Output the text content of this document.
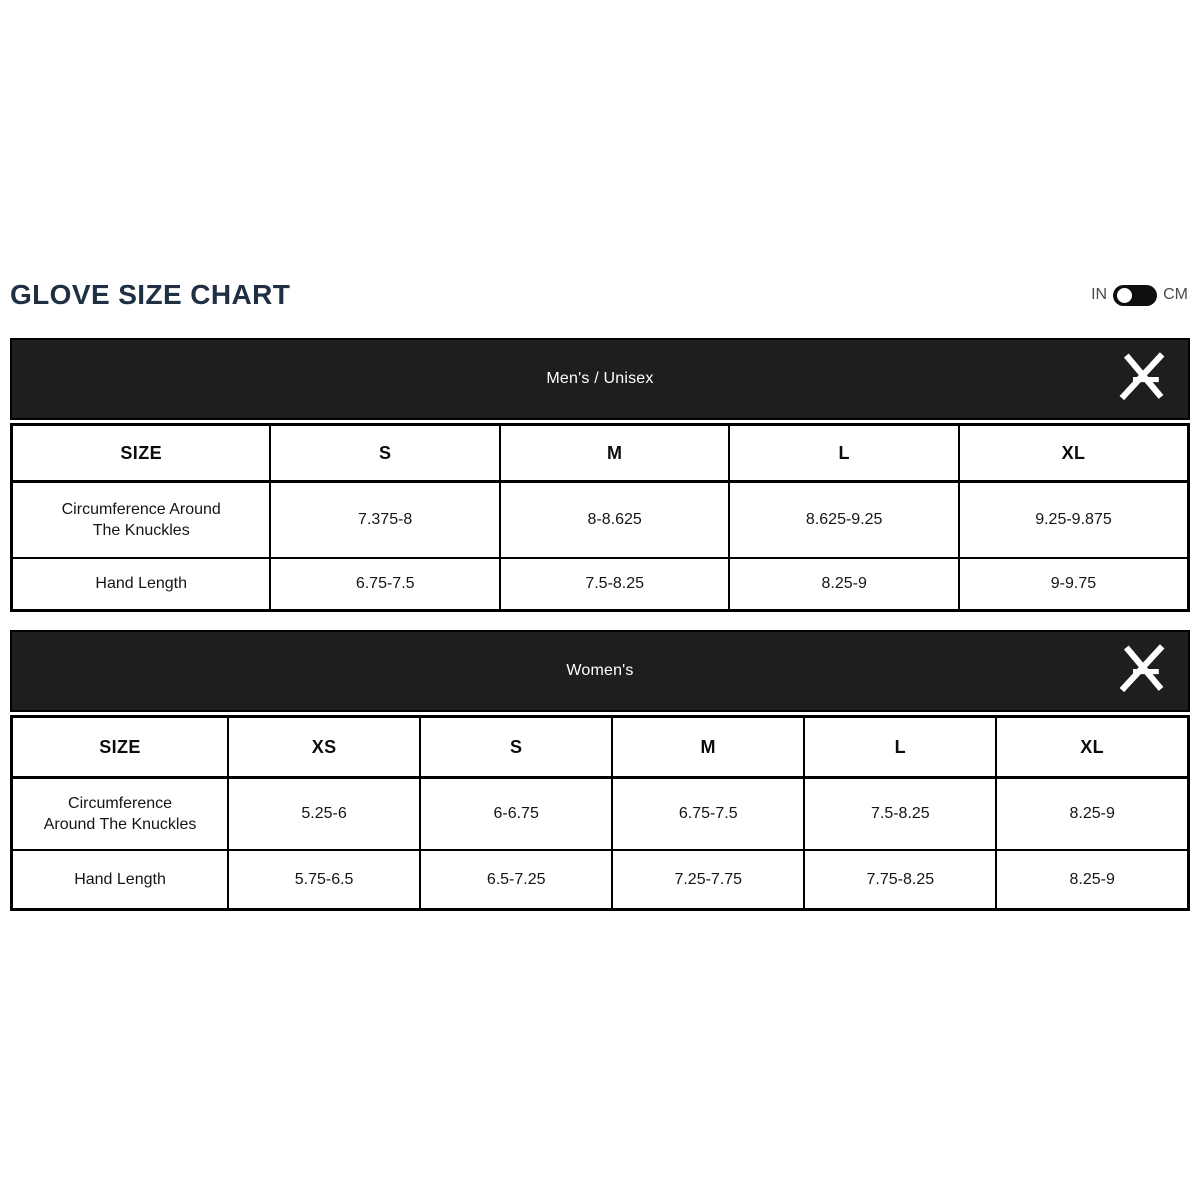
GLOVE SIZE CHART	IN	CM
Men's / Unisex
SIZE	S	M	L	XL

Circumference Around
The Knuckles	7.375-8	8-8.625	8.625-9.25	9.25-9.875

Hand Length	6.75-7.5	7.5-8.25	8.25-9	9-9.75
Women's
SIZE	XS	S	M	L	XL

Circumference
Around The Knuckles	5.25-6	6-6.75	6.75-7.5	7.5-8.25	8.25-9

Hand Length	5.75-6.5	6.5-7.25	7.25-7.75	7.75-8.25	8.25-9
